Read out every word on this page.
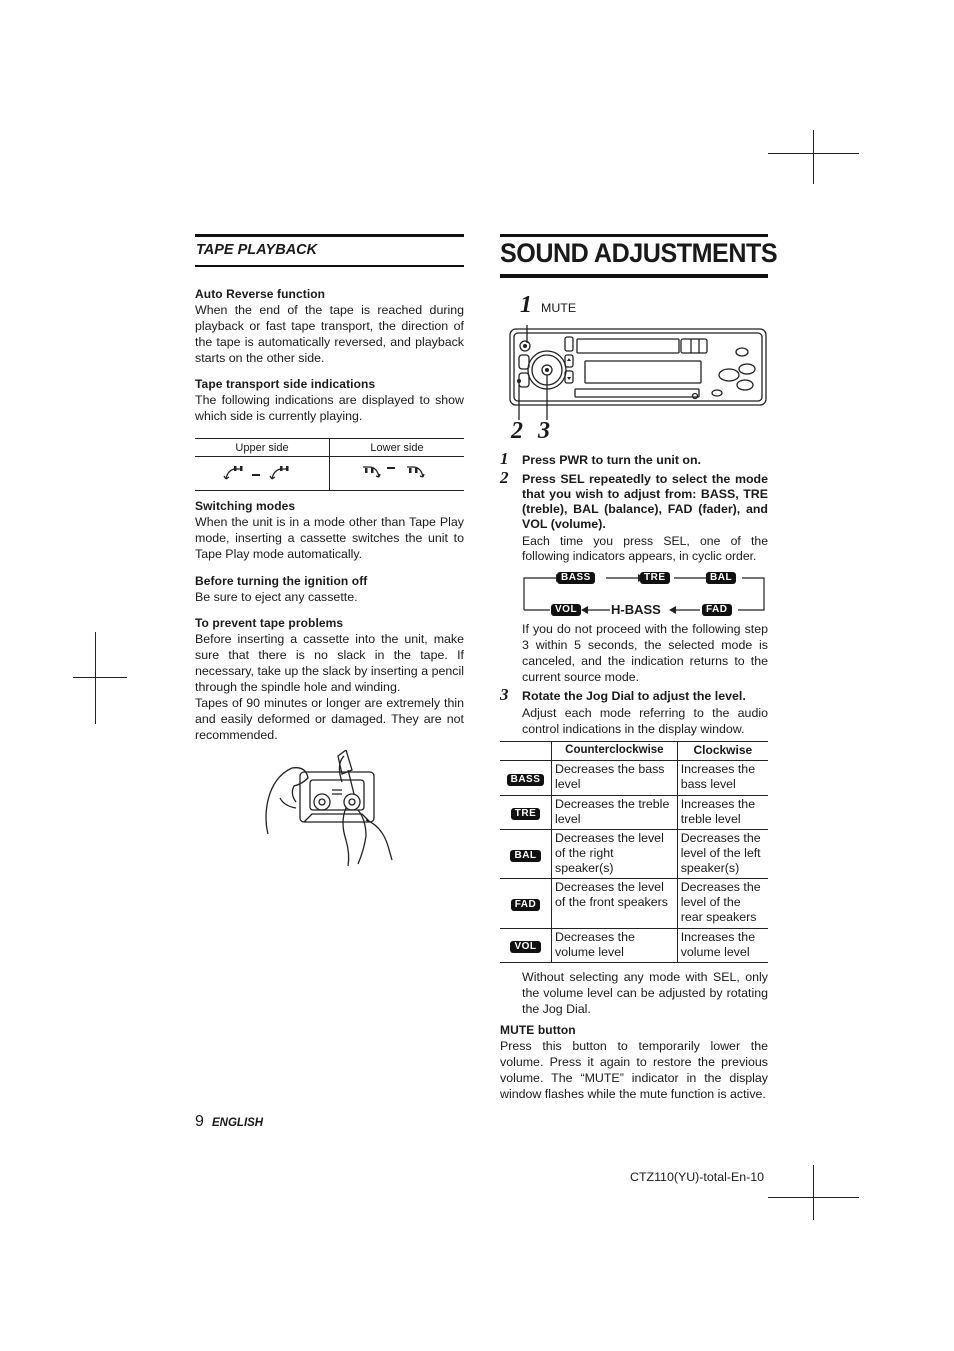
TAPE PLAYBACK
Auto Reverse function
When the end of the tape is reached during playback or fast tape transport, the direction of the tape is automatically reversed, and playback starts on the other side.
Tape transport side indications
The following indications are displayed to show which side is currently playing.
Upper side	Lower side

Switching modes
When the unit is in a mode other than Tape Play mode, inserting a cassette switches the unit to Tape Play mode automatically.
Before turning the ignition off
Be sure to eject any cassette.
To prevent tape problems
Before inserting a cassette into the unit, make sure that there is no slack in the tape. If necessary, take up the slack by inserting a pencil through the spindle hole and winding.
Tapes of 90 minutes or longer are extremely thin and easily deformed or damaged. They are not recommended.
SOUND ADJUSTMENTS
1 MUTE
2 3
1 Press PWR to turn the unit on.
2 Press SEL repeatedly to select the mode that you wish to adjust from: BASS, TRE (treble), BAL (balance), FAD (fader), and VOL (volume).
Each time you press SEL, one of the following indicators appears, in cyclic order.
BASS	TRE	BAL
FAD
H-BASS
VOL
If you do not proceed with the following step 3 within 5 seconds, the selected mode is canceled, and the indication returns to the current source mode.
3 Rotate the Jog Dial to adjust the level.
Adjust each mode referring to the audio control indications in the display window.
	Counterclockwise	Clockwise
BASS	Decreases the bass level	Increases the bass level
TRE	Decreases the treble level	Increases the treble level
BAL	Decreases the level of the right speaker(s)	Decreases the level of the left speaker(s)
FAD	Decreases the level of the front speakers	Decreases the level of the rear speakers
VOL	Decreases the volume level	Increases the volume level
Without selecting any mode with SEL, only the volume level can be adjusted by rotating the Jog Dial.
MUTE button
Press this button to temporarily lower the volume. Press it again to restore the previous volume. The “MUTE” indicator in the display window flashes while the mute function is active.
9 ENGLISH
CTZ110(YU)-total-En-10
